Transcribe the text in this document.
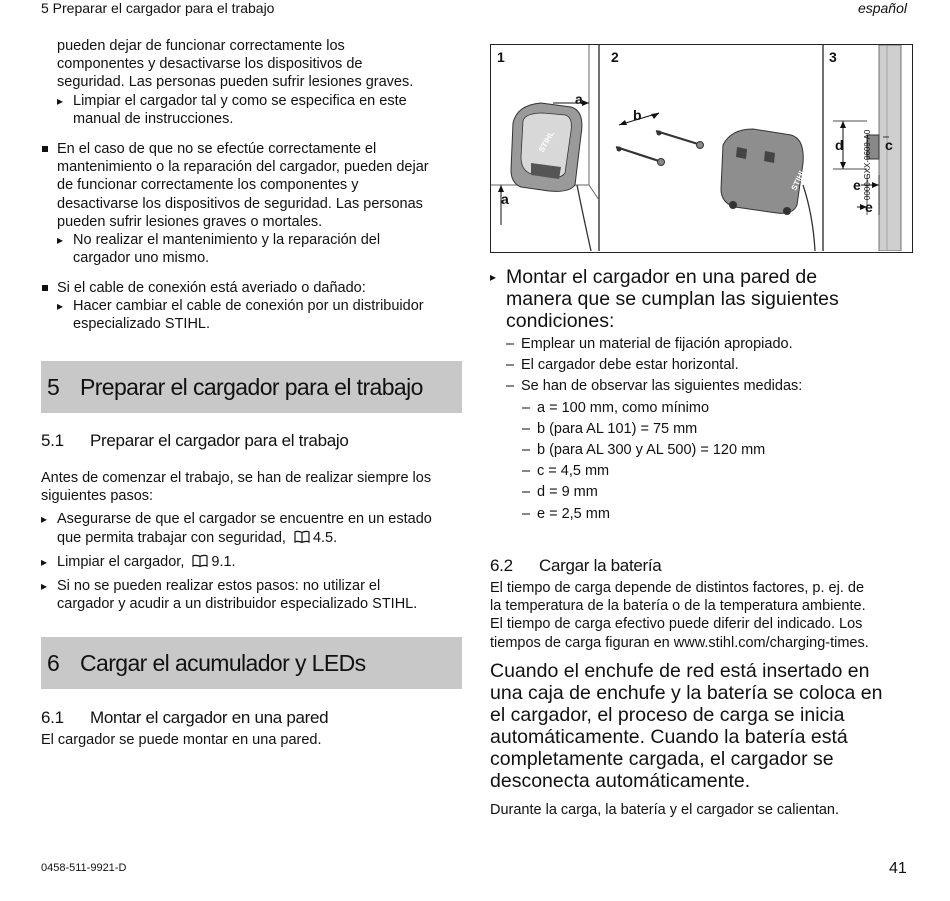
5 Preparar el cargador para el trabajo	español

pueden dejar de funcionar correctamente los

componentes y desactivarse los dispositivos de

seguridad. Las personas pueden sufrir lesiones graves.

▸ Limpiar el cargador tal y como se especifica en este

manual de instrucciones.

En el caso de que no se efectúe correctamente el

mantenimiento o la reparación del cargador, pueden dejar

de funcionar correctamente los componentes y

desactivarse los dispositivos de seguridad. Las personas

pueden sufrir lesiones graves o mortales.

▸ No realizar el mantenimiento y la reparación del

cargador uno mismo.

Si el cable de conexión está averiado o dañado:

▸ Hacer cambiar el cable de conexión por un distribuidor

especializado STIHL.

5 Preparar el cargador para el trabajo
5.1 Preparar el cargador para el trabajo

Antes de comenzar el trabajo, se han de realizar siempre los

siguientes pasos:

▸ Asegurarse de que el cargador se encuentre en un estado

que permita trabajar con seguridad, 4.5.

▸ Limpiar el cargador, 9.1.

▸ Si no se pueden realizar estos pasos: no utilizar el

cargador y acudir a un distribuidor especializado STIHL.

6 Cargar el acumulador y LEDs
6.1 Montar el cargador en una pared

El cargador se puede montar en una pared.

1	2	3
a
a
b
c
d
e
e
STIHL
STIHL	0000-GXX-0609-A0

▸ Montar el cargador en una pared de

manera que se cumplan las siguientes

condiciones:

– Emplear un material de fijación apropiado.

– El cargador debe estar horizontal.

– Se han de observar las siguientes medidas:

– a = 100 mm, como mínimo

– b (para AL 101) = 75 mm

– b (para AL 300 y AL 500) = 120 mm

– c = 4,5 mm

– d = 9 mm

– e = 2,5 mm

6.2 Cargar la batería

El tiempo de carga depende de distintos factores, p. ej. de

la temperatura de la batería o de la temperatura ambiente.

El tiempo de carga efectivo puede diferir del indicado. Los

tiempos de carga figuran en www.stihl.com/charging-times.

Cuando el enchufe de red está insertado en

una caja de enchufe y la batería se coloca en

el cargador, el proceso de carga se inicia

automáticamente. Cuando la batería está

completamente cargada, el cargador se

desconecta automáticamente.

Durante la carga, la batería y el cargador se calientan.

0458-511-9921-D	41
